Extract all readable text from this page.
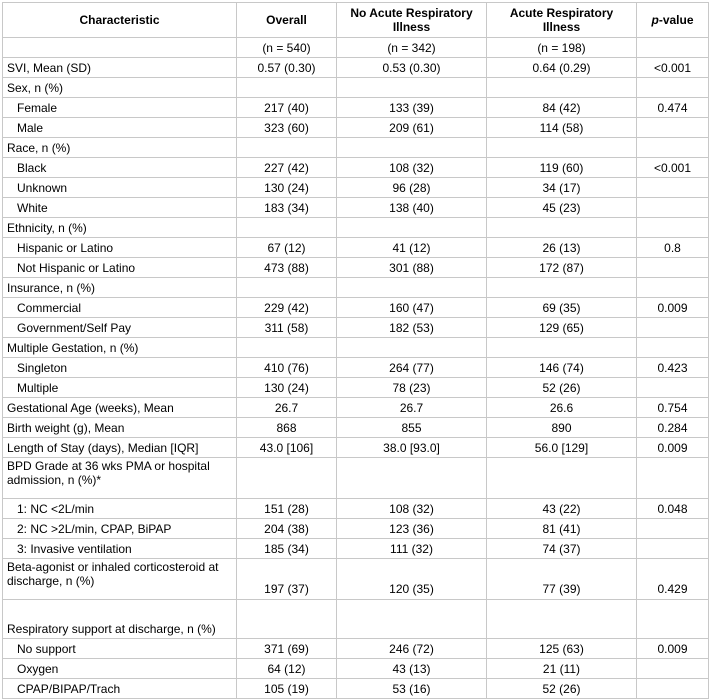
Characteristic	Overall	No Acute Respiratory Illness	Acute Respiratory Illness	p-value
	(n = 540)	(n = 342)	(n = 198)	
SVI, Mean (SD)	0.57 (0.30)	0.53 (0.30)	0.64 (0.29)	<0.001
Sex, n (%)				
Female	217 (40)	133 (39)	84 (42)	0.474
Male	323 (60)	209 (61)	114 (58)	
Race, n (%)				
Black	227 (42)	108 (32)	119 (60)	<0.001
Unknown	130 (24)	96 (28)	34 (17)	
White	183 (34)	138 (40)	45 (23)	
Ethnicity, n (%)				
Hispanic or Latino	67 (12)	41 (12)	26 (13)	0.8
Not Hispanic or Latino	473 (88)	301 (88)	172 (87)	
Insurance, n (%)				
Commercial	229 (42)	160 (47)	69 (35)	0.009
Government/Self Pay	311 (58)	182 (53)	129 (65)	
Multiple Gestation, n (%)				
Singleton	410 (76)	264 (77)	146 (74)	0.423
Multiple	130 (24)	78 (23)	52 (26)	
Gestational Age (weeks), Mean	26.7	26.7	26.6	0.754
Birth weight (g), Mean	868	855	890	0.284
Length of Stay (days), Median [IQR]	43.0 [106]	38.0 [93.0]	56.0 [129]	0.009
BPD Grade at 36 wks PMA or hospital admission, n (%)*				
1: NC <2L/min	151 (28)	108 (32)	43 (22)	0.048
2: NC >2L/min, CPAP, BiPAP	204 (38)	123 (36)	81 (41)	
3: Invasive ventilation	185 (34)	111 (32)	74 (37)	
Beta-agonist or inhaled corticosteroid at discharge, n (%)	197 (37)	120 (35)	77 (39)	0.429
Respiratory support at discharge, n (%)				
No support	371 (69)	246 (72)	125 (63)	0.009
Oxygen	64 (12)	43 (13)	21 (11)	
CPAP/BIPAP/Trach	105 (19)	53 (16)	52 (26)	
